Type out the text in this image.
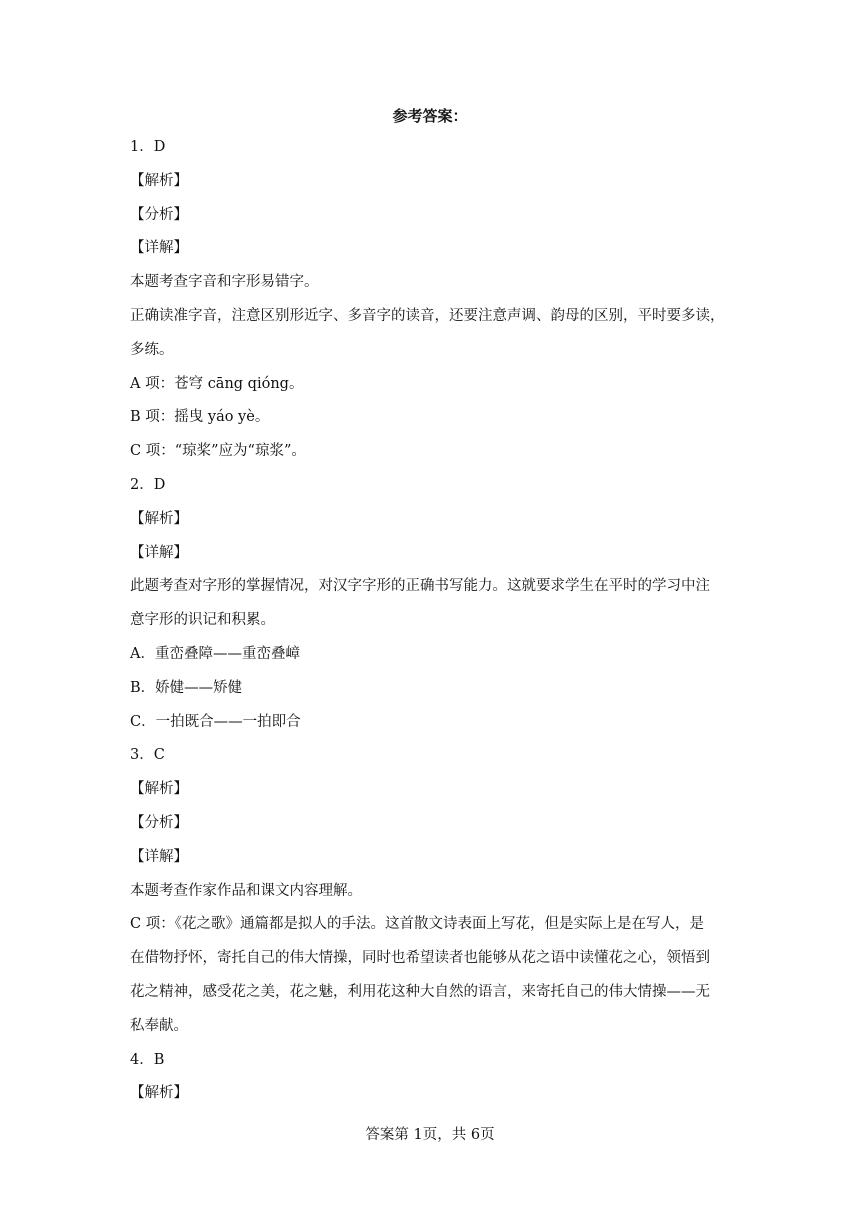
参考答案：
1．D
【解析】
【分析】
【详解】
本题考查字音和字形易错字。
正确读准字音，注意区别形近字、多音字的读音，还要注意声调、韵母的区别，平时要多读，
多练。
A 项：苍穹 cāng qióng。
B 项：摇曳 yáo yè。
C 项：“琼桨”应为“琼浆”。
2．D
【解析】
【详解】
此题考查对字形的掌握情况，对汉字字形的正确书写能力。这就要求学生在平时的学习中注
意字形的识记和积累。
A．重峦叠障——重峦叠嶂
B．娇健——矫健
C．一拍既合——一拍即合
3．C
【解析】
【分析】
【详解】
本题考查作家作品和课文内容理解。
C 项：《花之歌》通篇都是拟人的手法。这首散文诗表面上写花，但是实际上是在写人，是
在借物抒怀，寄托自己的伟大情操，同时也希望读者也能够从花之语中读懂花之心，领悟到
花之精神，感受花之美，花之魅，利用花这种大自然的语言，来寄托自己的伟大情操——无
私奉献。
4．B
【解析】
答案第 1页，共 6页
